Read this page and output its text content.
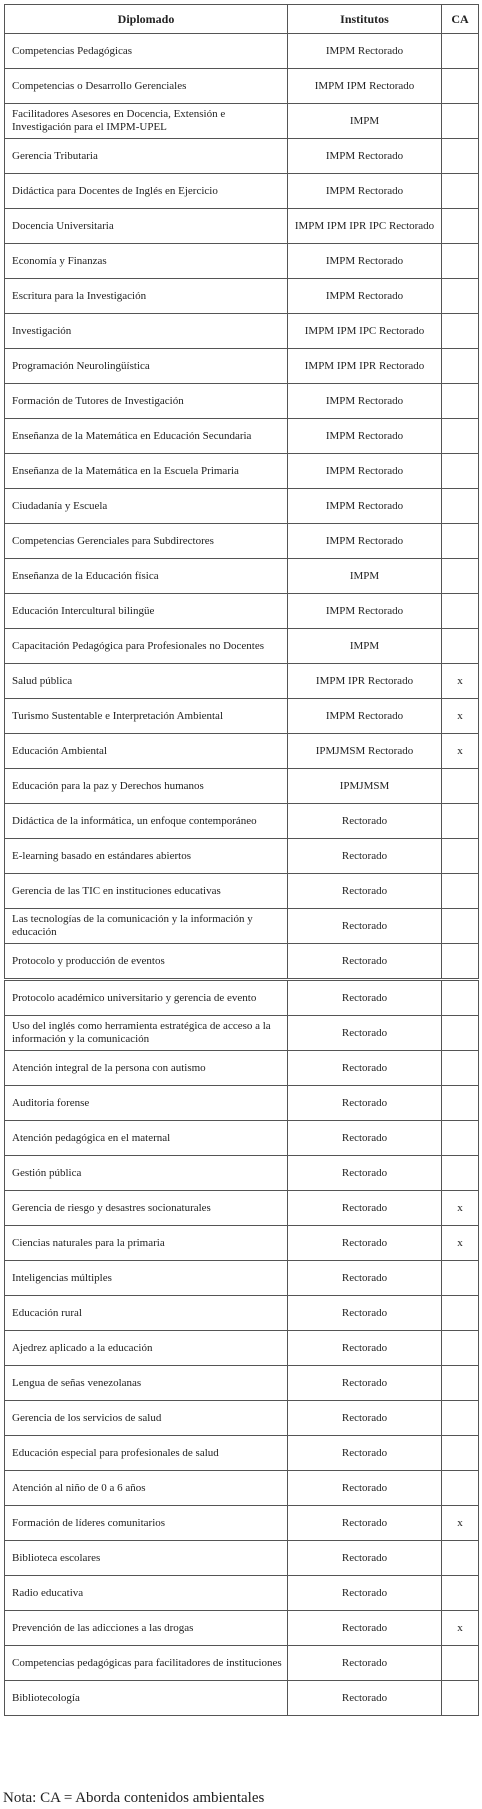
Diplomado	Institutos	CA
Competencias Pedagógicas	IMPM Rectorado	
Competencias o Desarrollo Gerenciales	IMPM IPM Rectorado	
Facilitadores Asesores en Docencia, Extensión e Investigación para el IMPM-UPEL	IMPM	
Gerencia Tributaria	IMPM Rectorado	
Didáctica para Docentes de Inglés en Ejercicio	IMPM Rectorado	
Docencia Universitaria	IMPM IPM IPR IPC Rectorado	
Economía y Finanzas	IMPM Rectorado	
Escritura para la Investigación	IMPM Rectorado	
Investigación	IMPM IPM IPC Rectorado	
Programación Neurolingüística	IMPM IPM IPR Rectorado	
Formación de Tutores de Investigación	IMPM Rectorado	
Enseñanza de la Matemática en Educación Secundaria	IMPM Rectorado	
Enseñanza de la Matemática en la Escuela Primaria	IMPM Rectorado	
Ciudadanía y Escuela	IMPM Rectorado	
Competencias Gerenciales para Subdirectores	IMPM Rectorado	
Enseñanza de la Educación física	IMPM	
Educación Intercultural bilingüe	IMPM Rectorado	
Capacitación Pedagógica para Profesionales no Docentes	IMPM	
Salud pública	IMPM IPR Rectorado	x
Turismo Sustentable e Interpretación Ambiental	IMPM Rectorado	x
Educación Ambiental	IPMJMSM Rectorado	x
Educación para la paz y Derechos humanos	IPMJMSM	
Didáctica de la informática, un enfoque contemporáneo	Rectorado	
E-learning basado en estándares abiertos	Rectorado	
Gerencia de las TIC en instituciones educativas	Rectorado	
Las tecnologías de la comunicación y la información y educación	Rectorado	
Protocolo y producción de eventos	Rectorado	
Protocolo académico universitario y gerencia de evento	Rectorado	
Uso del inglés como herramienta estratégica de acceso a la información y la comunicación	Rectorado	
Atención integral de la persona con autismo	Rectorado	
Auditoria forense	Rectorado	
Atención pedagógica en el maternal	Rectorado	
Gestión pública	Rectorado	
Gerencia de riesgo y desastres socionaturales	Rectorado	x
Ciencias naturales para la primaria	Rectorado	x
Inteligencias múltiples	Rectorado	
Educación rural	Rectorado	
Ajedrez aplicado a la educación	Rectorado	
Lengua de señas venezolanas	Rectorado	
Gerencia de los servicios de salud	Rectorado	
Educación especial para profesionales de salud	Rectorado	
Atención al niño de 0 a 6 años	Rectorado	
Formación de líderes comunitarios	Rectorado	x
Biblioteca escolares	Rectorado	
Radio educativa	Rectorado	
Prevención de las adicciones a las drogas	Rectorado	x
Competencias pedagógicas para facilitadores de instituciones	Rectorado	
Bibliotecología	Rectorado	
Nota: CA = Aborda contenidos ambientales
